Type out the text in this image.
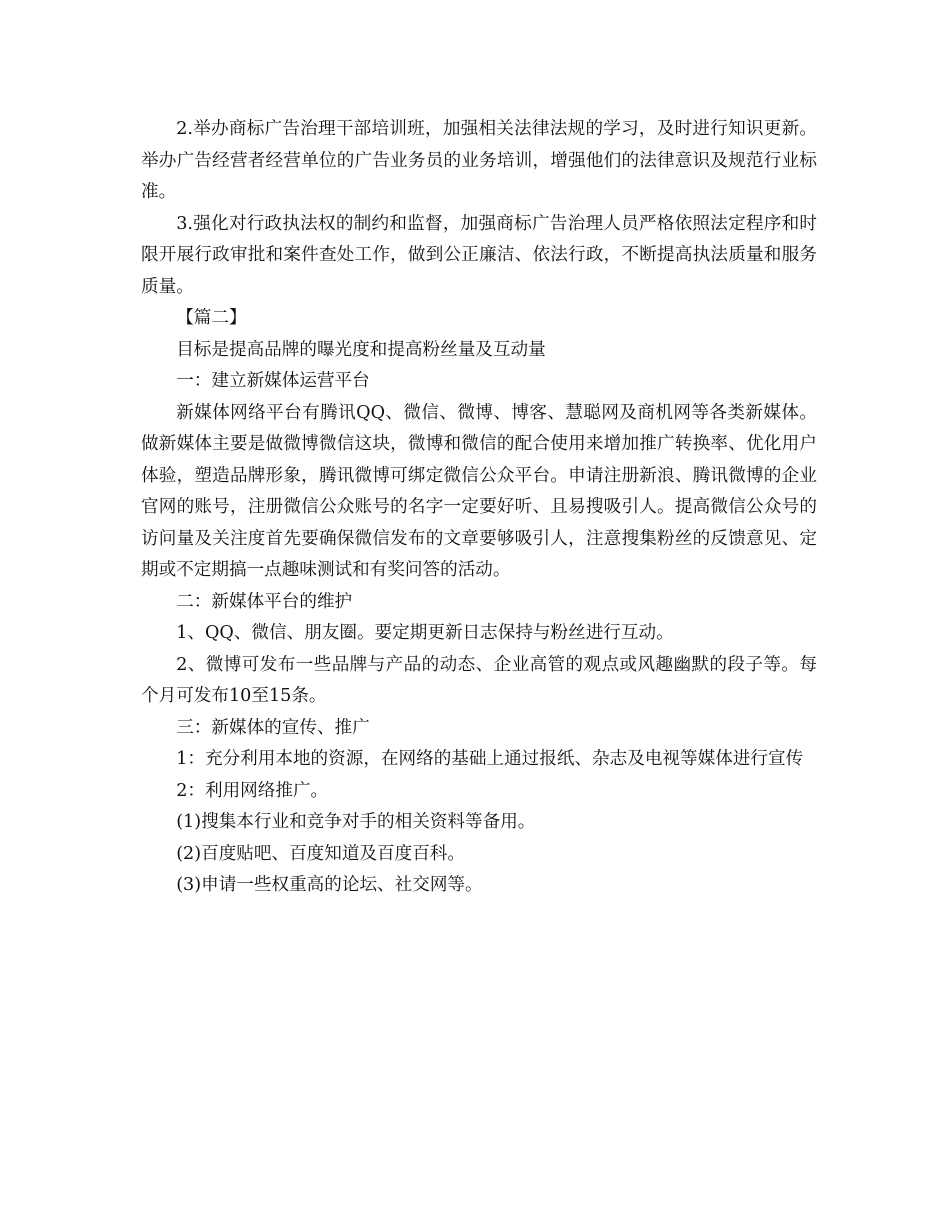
2.举办商标广告治理干部培训班，加强相关法律法规的学习，及时进行知识更新。举办广告经营者经营单位的广告业务员的业务培训，增强他们的法律意识及规范行业标准。

3.强化对行政执法权的制约和监督，加强商标广告治理人员严格依照法定程序和时限开展行政审批和案件查处工作，做到公正廉洁、依法行政，不断提高执法质量和服务质量。

【篇二】

目标是提高品牌的曝光度和提高粉丝量及互动量

一：建立新媒体运营平台

新媒体网络平台有腾讯QQ、微信、微博、博客、慧聪网及商机网等各类新媒体。做新媒体主要是做微博微信这块，微博和微信的配合使用来增加推广转换率、优化用户体验，塑造品牌形象，腾讯微博可绑定微信公众平台。申请注册新浪、腾讯微博的企业官网的账号，注册微信公众账号的名字一定要好听、且易搜吸引人。提高微信公众号的访问量及关注度首先要确保微信发布的文章要够吸引人，注意搜集粉丝的反馈意见、定期或不定期搞一点趣味测试和有奖问答的活动。

二：新媒体平台的维护

1、QQ、微信、朋友圈。要定期更新日志保持与粉丝进行互动。

2、微博可发布一些品牌与产品的动态、企业高管的观点或风趣幽默的段子等。每个月可发布10至15条。

三：新媒体的宣传、推广

1：充分利用本地的资源，在网络的基础上通过报纸、杂志及电视等媒体进行宣传

2：利用网络推广。

(1)搜集本行业和竞争对手的相关资料等备用。

(2)百度贴吧、百度知道及百度百科。

(3)申请一些权重高的论坛、社交网等。
